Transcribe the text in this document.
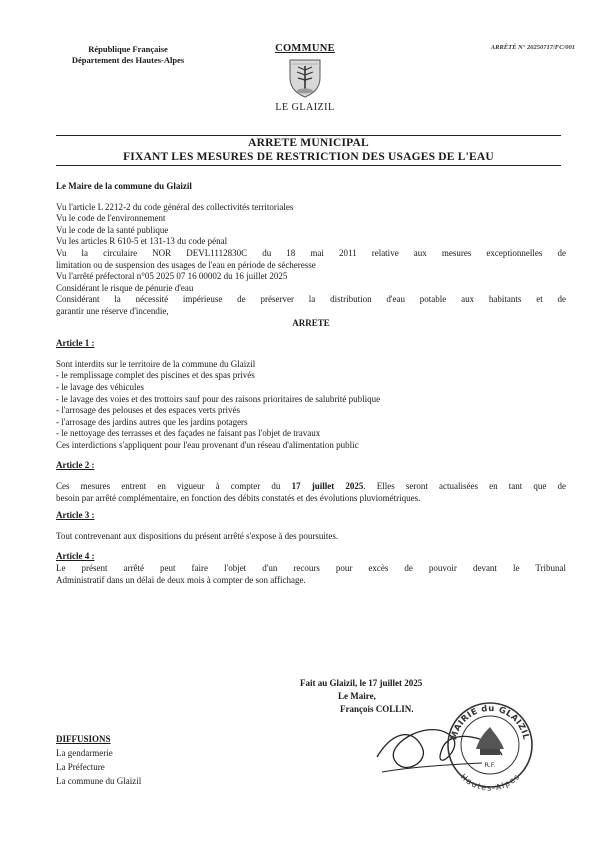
République Française
Département des Hautes-Alpes
COMMUNE
LE GLAIZIL
ARRÊTÉ N° 20250717/FC/001
ARRETE MUNICIPAL
FIXANT LES MESURES DE RESTRICTION DES USAGES DE L'EAU
Le Maire de la commune du Glaizil
Vu l'article L 2212-2 du code général des collectivités territoriales
Vu le code de l'environnement
Vu le code de la santé publique
Vu les articles R 610-5 et 131-13 du code pénal
Vu la circulaire NOR DEVL1112830C du 18 mai 2011 relative aux mesures exceptionnelles de
limitation ou de suspension des usages de l'eau en période de sécheresse
Vu l'arrêté préfectoral n°05 2025 07 16 00002 du 16 juillet 2025
Considérant le risque de pénurie d'eau
Considérant la nécessité impérieuse de préserver la distribution d'eau potable aux habitants et de
garantir une réserve d'incendie,
ARRETE
Article 1 :
Sont interdits sur le territoire de la commune du Glaizil
- le remplissage complet des piscines et des spas privés
- le lavage des véhicules
- le lavage des voies et des trottoirs sauf pour des raisons prioritaires de salubrité publique
- l'arrosage des pelouses et des espaces verts privés
- l'arrosage des jardins autres que les jardins potagers
- le nettoyage des terrasses et des façades ne faisant pas l'objet de travaux
Ces interdictions s'appliquent pour l'eau provenant d'un réseau d'alimentation public
Article 2 :
Ces mesures entrent en vigueur à compter du 17 juillet 2025. Elles seront actualisées en tant que de
besoin par arrêté complémentaire, en fonction des débits constatés et des évolutions pluviométriques.
Article 3 :
Tout contrevenant aux dispositions du présent arrêté s'expose à des poursuites.
Article 4 :
Le présent arrêté peut faire l'objet d'un recours pour excès de pouvoir devant le Tribunal
Administratif dans un délai de deux mois à compter de son affichage.
Fait au Glaizil, le 17 juillet 2025
Le Maire,
François COLLIN.
MAIRIE du GLAIZIL
Hautes-Alpes
R.F.
DIFFUSIONS
La gendarmerie
La Préfecture
La commune du Glaizil
